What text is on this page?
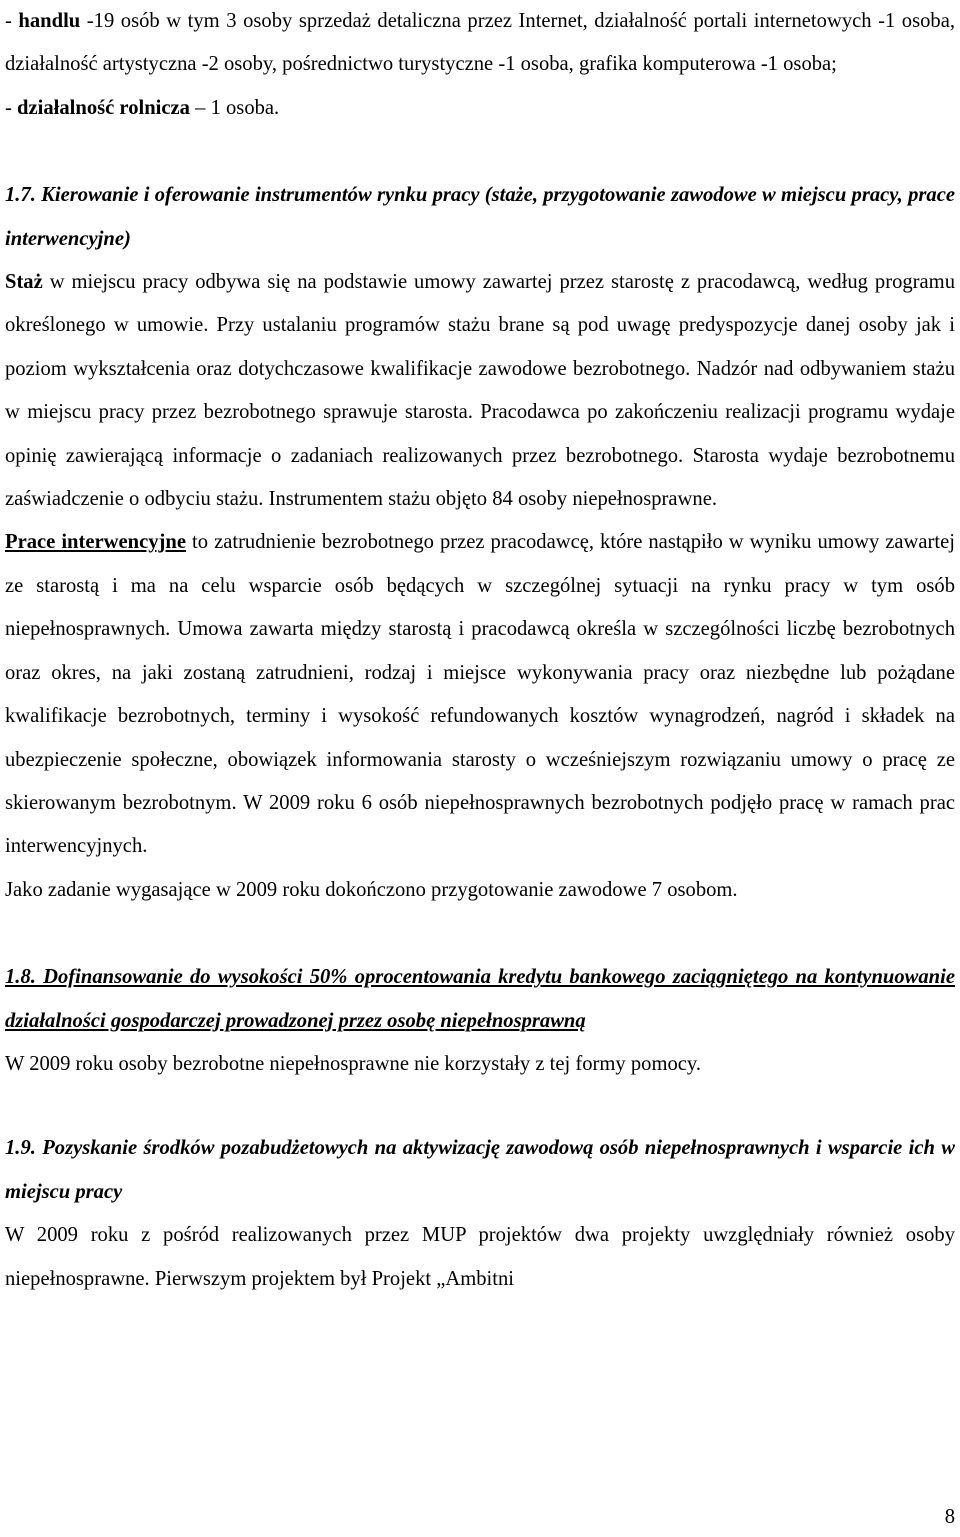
- handlu -19 osób w tym 3 osoby sprzedaż detaliczna przez Internet, działalność portali internetowych -1 osoba, działalność artystyczna -2 osoby, pośrednictwo turystyczne -1 osoba, grafika komputerowa -1 osoba;

- działalność rolnicza – 1 osoba.

1.7. Kierowanie i oferowanie instrumentów rynku pracy (staże, przygotowanie zawodowe w miejscu pracy, prace interwencyjne)

Staż w miejscu pracy odbywa się na podstawie umowy zawartej przez starostę z pracodawcą, według programu określonego w umowie. Przy ustalaniu programów stażu brane są pod uwagę predyspozycje danej osoby jak i poziom wykształcenia oraz dotychczasowe kwalifikacje zawodowe bezrobotnego. Nadzór nad odbywaniem stażu w miejscu pracy przez bezrobotnego sprawuje starosta. Pracodawca po zakończeniu realizacji programu wydaje opinię zawierającą informacje o zadaniach realizowanych przez bezrobotnego. Starosta wydaje bezrobotnemu zaświadczenie o odbyciu stażu. Instrumentem stażu objęto 84 osoby niepełnosprawne.

Prace interwencyjne to zatrudnienie bezrobotnego przez pracodawcę, które nastąpiło w wyniku umowy zawartej ze starostą i ma na celu wsparcie osób będących w szczególnej sytuacji na rynku pracy w tym osób niepełnosprawnych. Umowa zawarta między starostą i pracodawcą określa w szczególności liczbę bezrobotnych oraz okres, na jaki zostaną zatrudnieni, rodzaj i miejsce wykonywania pracy oraz niezbędne lub pożądane kwalifikacje bezrobotnych, terminy i wysokość refundowanych kosztów wynagrodzeń, nagród i składek na ubezpieczenie społeczne, obowiązek informowania starosty o wcześniejszym rozwiązaniu umowy o pracę ze skierowanym bezrobotnym. W 2009 roku 6 osób niepełnosprawnych bezrobotnych podjęło pracę w ramach prac interwencyjnych.

Jako zadanie wygasające w 2009 roku dokończono przygotowanie zawodowe 7 osobom.

1.8. Dofinansowanie do wysokości 50% oprocentowania kredytu bankowego zaciągniętego na kontynuowanie działalności gospodarczej prowadzonej przez osobę niepełnosprawną

W 2009 roku osoby bezrobotne niepełnosprawne nie korzystały z tej formy pomocy.

1.9. Pozyskanie środków pozabudżetowych na aktywizację zawodową osób niepełnosprawnych i wsparcie ich w miejscu pracy

W 2009 roku z pośród realizowanych przez MUP projektów dwa projekty uwzględniały również osoby niepełnosprawne. Pierwszym projektem był Projekt „Ambitni

8
